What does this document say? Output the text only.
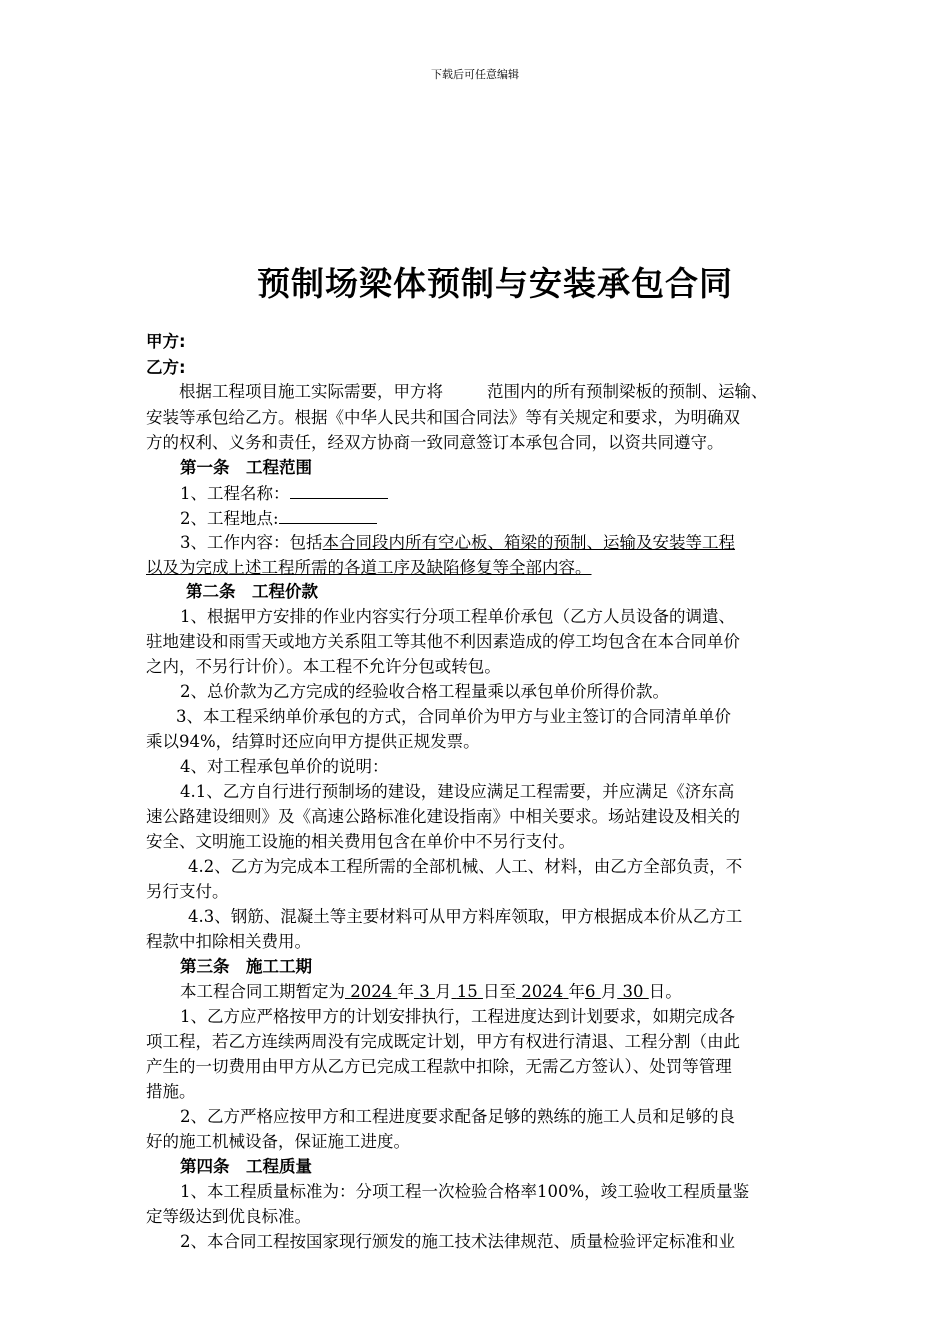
下载后可任意编辑
预制场梁体预制与安装承包合同
甲方:
乙方:
根据工程项目施工实际需要，甲方将	范围内的所有预制梁板的预制、运输、
安装等承包给乙方。根据《中华人民共和国合同法》等有关规定和要求，为明确双
方的权利、义务和责任，经双方协商一致同意签订本承包合同，以资共同遵守。
第一条　工程范围
1、工程名称：
2、工程地点:
3、工作内容：包括本合同段内所有空心板、箱梁的预制、运输及安装等工程
以及为完成上述工程所需的各道工序及缺陷修复等全部内容。
第二条　工程价款
1、根据甲方安排的作业内容实行分项工程单价承包（乙方人员设备的调遣、
驻地建设和雨雪天或地方关系阻工等其他不利因素造成的停工均包含在本合同单价
之内，不另行计价）。本工程不允许分包或转包。
2、总价款为乙方完成的经验收合格工程量乘以承包单价所得价款。
3、本工程采纳单价承包的方式，合同单价为甲方与业主签订的合同清单单价
乘以94%，结算时还应向甲方提供正规发票。
4、对工程承包单价的说明：
4.1、乙方自行进行预制场的建设，建设应满足工程需要，并应满足《济东高
速公路建设细则》及《高速公路标准化建设指南》中相关要求。场站建设及相关的
安全、文明施工设施的相关费用包含在单价中不另行支付。
4.2、乙方为完成本工程所需的全部机械、人工、材料，由乙方全部负责，不
另行支付。
4.3、钢筋、混凝土等主要材料可从甲方料库领取，甲方根据成本价从乙方工
程款中扣除相关费用。
第三条　施工工期
本工程合同工期暂定为 2024 年 3 月 15 日至 2024 年6 月 30 日。
1、乙方应严格按甲方的计划安排执行，工程进度达到计划要求，如期完成各
项工程，若乙方连续两周没有完成既定计划，甲方有权进行清退、工程分割（由此
产生的一切费用由甲方从乙方已完成工程款中扣除，无需乙方签认）、处罚等管理
措施。
2、乙方严格应按甲方和工程进度要求配备足够的熟练的施工人员和足够的良
好的施工机械设备，保证施工进度。
第四条　工程质量
1、本工程质量标准为：分项工程一次检验合格率100%，竣工验收工程质量鉴
定等级达到优良标准。
2、本合同工程按国家现行颁发的施工技术法律规范、质量检验评定标准和业
